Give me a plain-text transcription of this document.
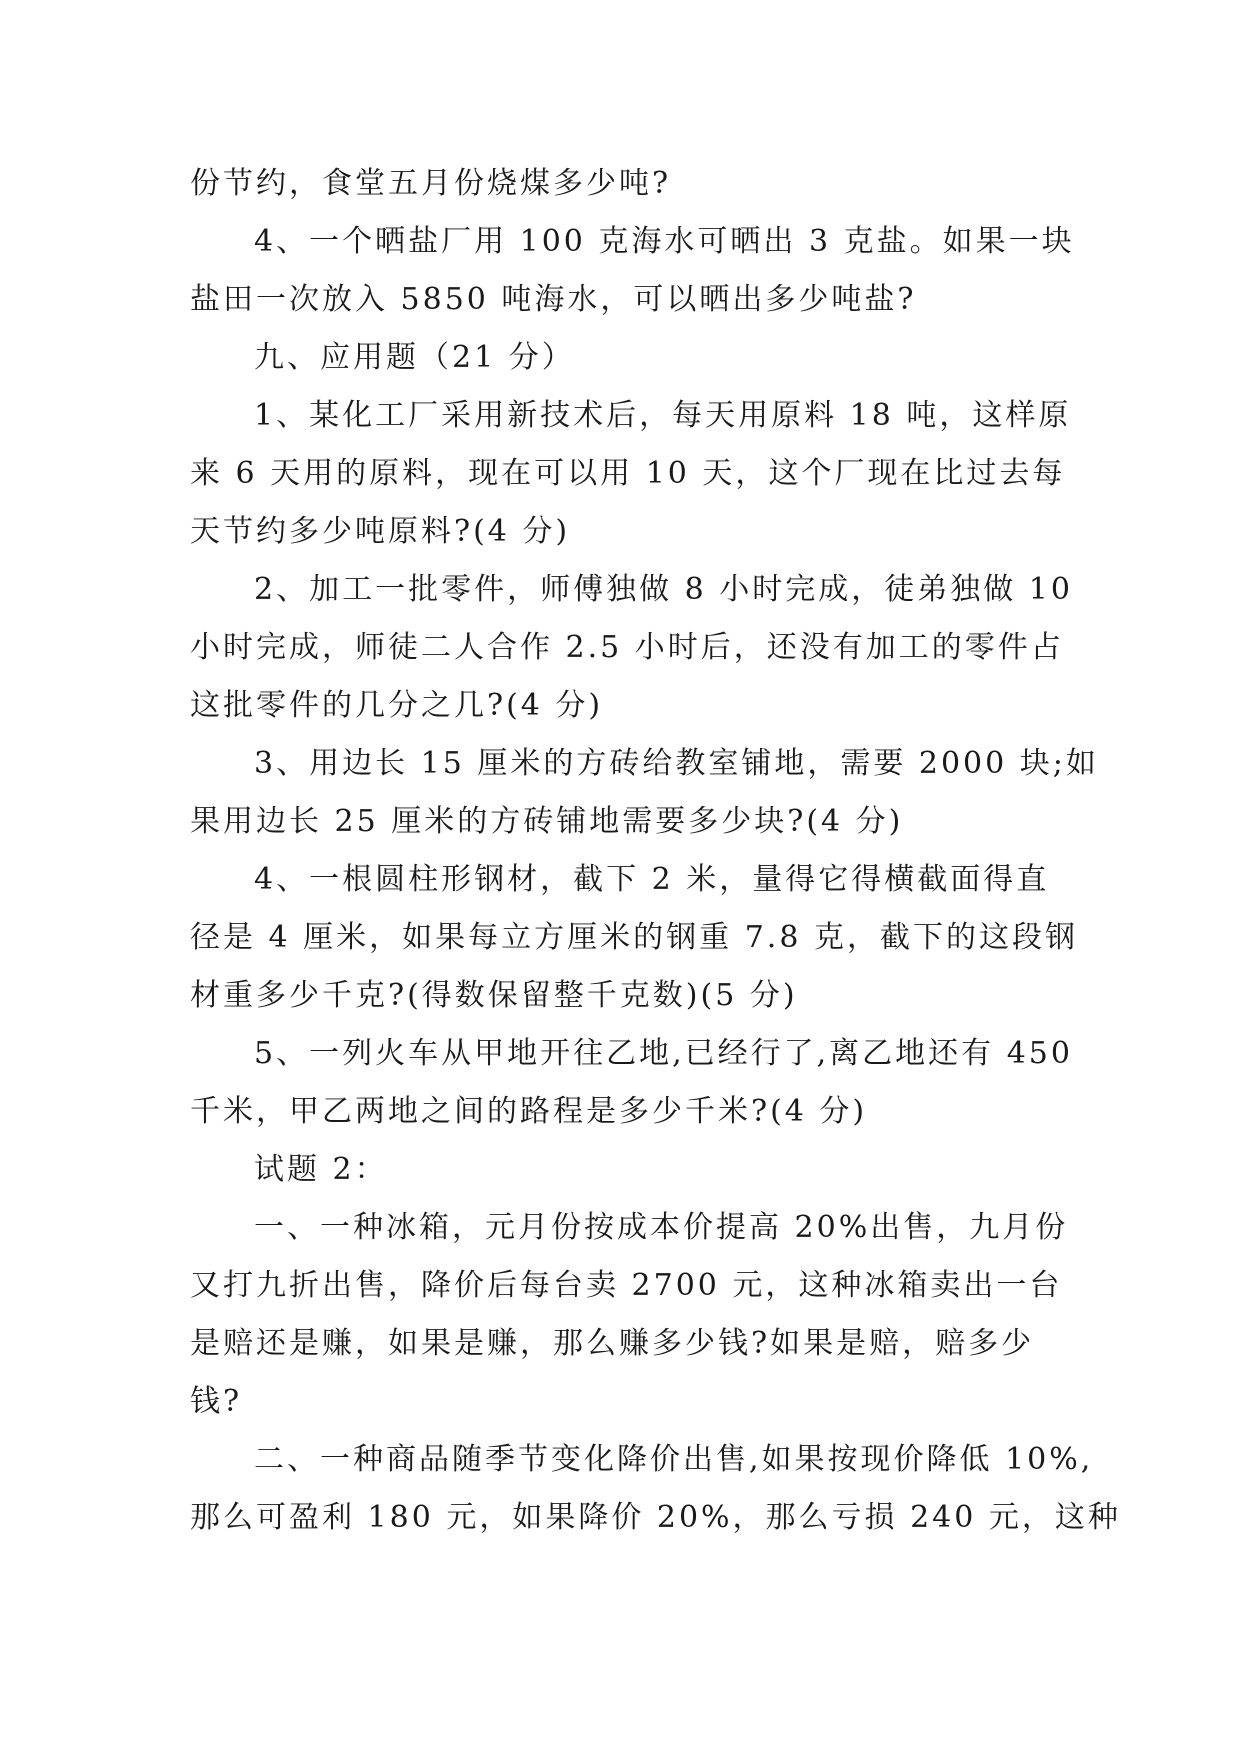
份节约，食堂五月份烧煤多少吨?
4、一个晒盐厂用 100 克海水可晒出 3 克盐。如果一块
盐田一次放入 5850 吨海水，可以晒出多少吨盐?
九、应用题（21 分）
1、某化工厂采用新技术后，每天用原料 18 吨，这样原
来 6 天用的原料，现在可以用 10 天，这个厂现在比过去每
天节约多少吨原料?(4 分)
2、加工一批零件，师傅独做 8 小时完成，徒弟独做 10
小时完成，师徒二人合作 2.5 小时后，还没有加工的零件占
这批零件的几分之几?(4 分)
3、用边长 15 厘米的方砖给教室铺地，需要 2000 块;如
果用边长 25 厘米的方砖铺地需要多少块?(4 分)
4、一根圆柱形钢材，截下 2 米，量得它得横截面得直
径是 4 厘米，如果每立方厘米的钢重 7.8 克，截下的这段钢
材重多少千克?(得数保留整千克数)(5 分)
5、一列火车从甲地开往乙地,已经行了,离乙地还有 450
千米，甲乙两地之间的路程是多少千米?(4 分)
试题 2：
一、一种冰箱，元月份按成本价提高 20%出售，九月份
又打九折出售，降价后每台卖 2700 元，这种冰箱卖出一台
是赔还是赚，如果是赚，那么赚多少钱?如果是赔，赔多少
钱?
二、一种商品随季节变化降价出售,如果按现价降低 10%,
那么可盈利 180 元，如果降价 20%，那么亏损 240 元，这种
